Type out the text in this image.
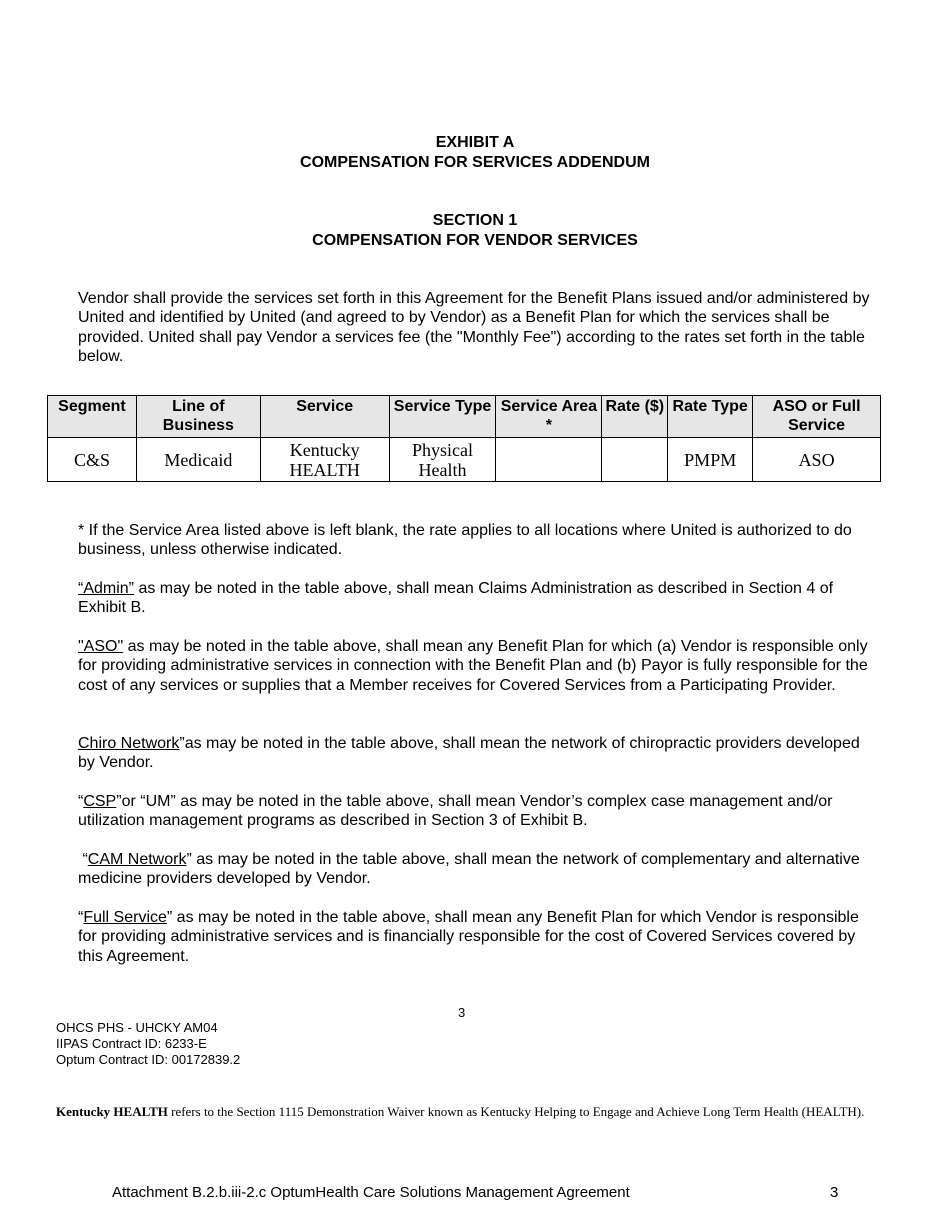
EXHIBIT A
COMPENSATION FOR SERVICES ADDENDUM
SECTION 1
COMPENSATION FOR VENDOR SERVICES

Vendor shall provide the services set forth in this Agreement for the Benefit Plans issued and/or administered by United and identified by United (and agreed to by Vendor) as a Benefit Plan for which the services shall be provided. United shall pay Vendor a services fee (the "Monthly Fee") according to the rates set forth in the table below.

Segment	Line of Business	Service	Service Type	Service Area *	Rate ($)	Rate Type	ASO or Full Service
C&S	Medicaid	Kentucky HEALTH	Physical Health			PMPM	ASO

* If the Service Area listed above is left blank, the rate applies to all locations where United is authorized to do business, unless otherwise indicated.

“Admin” as may be noted in the table above, shall mean Claims Administration as described in Section 4 of Exhibit B.

"ASO" as may be noted in the table above, shall mean any Benefit Plan for which (a) Vendor is responsible only for providing administrative services in connection with the Benefit Plan and (b) Payor is fully responsible for the cost of any services or supplies that a Member receives for Covered Services from a Participating Provider.

Chiro Network”as may be noted in the table above, shall mean the network of chiropractic providers developed by Vendor.

“CSP”or “UM” as may be noted in the table above, shall mean Vendor’s complex case management and/or utilization management programs as described in Section 3 of Exhibit B.

“CAM Network” as may be noted in the table above, shall mean the network of complementary and alternative medicine providers developed by Vendor.

“Full Service” as may be noted in the table above, shall mean any Benefit Plan for which Vendor is responsible for providing administrative services and is financially responsible for the cost of Covered Services covered by this Agreement.

3
OHCS PHS - UHCKY AM04
IIPAS Contract ID: 6233-E
Optum Contract ID: 00172839.2

Kentucky HEALTH refers to the Section 1115 Demonstration Waiver known as Kentucky Helping to Engage and Achieve Long Term Health (HEALTH).

Attachment B.2.b.iii-2.c OptumHealth Care Solutions Management Agreement	3
